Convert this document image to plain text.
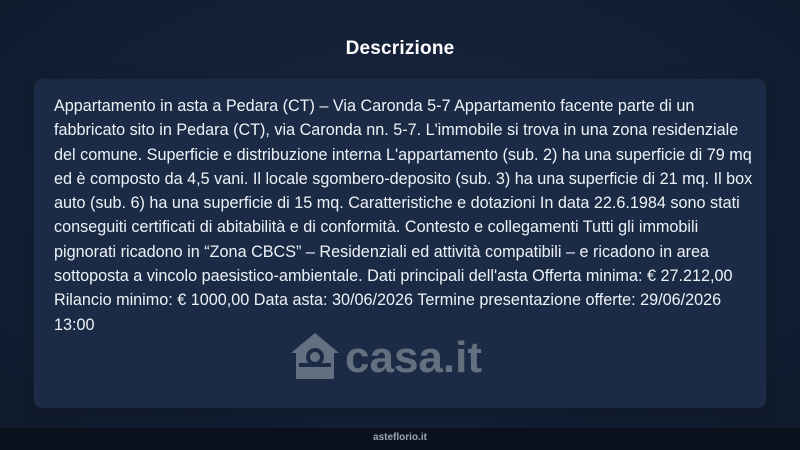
Descrizione

Appartamento in asta a Pedara (CT) – Via Caronda 5-7 Appartamento facente parte di un fabbricato sito in Pedara (CT), via Caronda nn. 5-7. L'immobile si trova in una zona residenziale del comune. Superficie e distribuzione interna L'appartamento (sub. 2) ha una superficie di 79 mq ed è composto da 4,5 vani. Il locale sgombero-deposito (sub. 3) ha una superficie di 21 mq. Il box auto (sub. 6) ha una superficie di 15 mq. Caratteristiche e dotazioni In data 22.6.1984 sono stati conseguiti certificati di abitabilità e di conformità. Contesto e collegamenti Tutti gli immobili pignorati ricadono in “Zona CBCS” – Residenziali ed attività compatibili – e ricadono in area sottoposta a vincolo paesistico-ambientale. Dati principali dell'asta Offerta minima: € 27.212,00 Rilancio minimo: € 1000,00 Data asta: 30/06/2026 Termine presentazione offerte: 29/06/2026 13:00

casa.it
asteflorio.it
